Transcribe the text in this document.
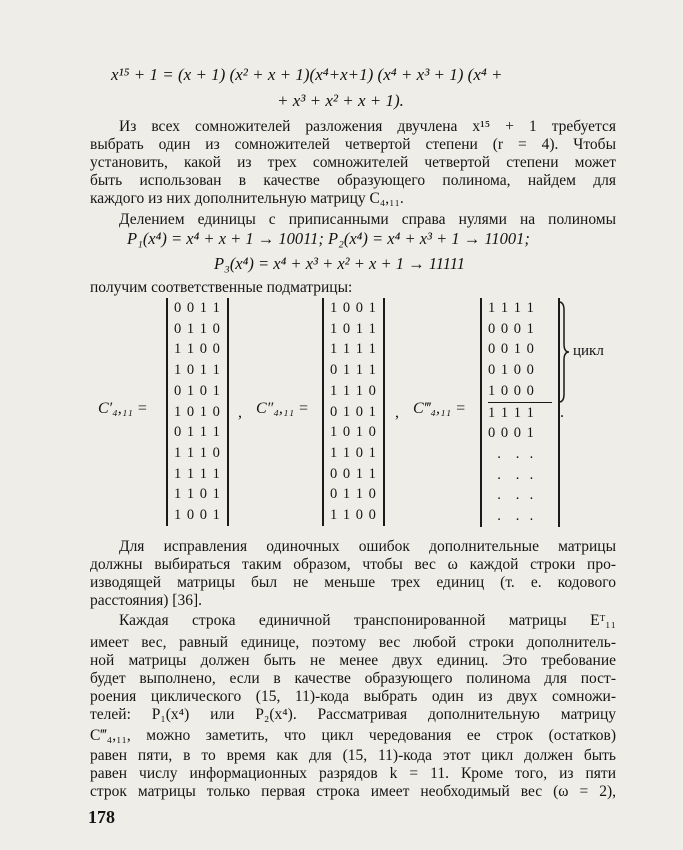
x¹⁵ + 1 = (x + 1) (x² + x + 1)(x⁴+x+1) (x⁴ + x³ + 1) (x⁴ +
+ x³ + x² + x + 1).
Из всех сомножителей разложения двучлена x¹⁵ + 1 требуется
выбрать один из сомножителей четвертой степени (r = 4). Чтобы
установить, какой из трех сомножителей четвертой степени может
быть использован в качестве образующего полинома, найдем для
каждого из них дополнительную матрицу C₄,₁₁.
Делением единицы с приписанными справа нулями на полиномы
P₁(x⁴) = x⁴ + x + 1 → 10011; P₂(x⁴) = x⁴ + x³ + 1 → 11001;
P₃(x⁴) = x⁴ + x³ + x² + x + 1 → 11111
получим соответственные подматрицы:
C′₄,₁₁ =
0 0 1 1
0 1 1 0
1 1 0 0
1 0 1 1
0 1 0 1
1 0 1 0
0 1 1 1
1 1 1 0
1 1 1 1
1 1 0 1
1 0 0 1
, C″₄,₁₁ =
1 0 0 1
1 0 1 1
1 1 1 1
0 1 1 1
1 1 1 0
0 1 0 1
1 0 1 0
1 1 0 1
0 0 1 1
0 1 1 0
1 1 0 0
, C‴₄,₁₁ =
1 1 1 1
0 0 0 1
0 0 1 0
0 1 0 0
1 0 0 0
1 1 1 1
0 0 0 1
.   .  .
.   .  .
.   .  .
.   .  .
.
цикл
Для исправления одиночных ошибок дополнительные матрицы
должны выбираться таким образом, чтобы вес ω каждой строки про-
изводящей матрицы был не меньше трех единиц (т. е. кодового
расстояния) [36].
Каждая строка единичной транспонированной матрицы Eᵀ₁₁
имеет вес, равный единице, поэтому вес любой строки дополнитель-
ной матрицы должен быть не менее двух единиц. Это требование
будет выполнено, если в качестве образующего полинома для пост-
роения циклического (15, 11)-кода выбрать один из двух сомножи-
телей: P₁(x⁴) или P₂(x⁴). Рассматривая дополнительную матрицу
C‴₄,₁₁, можно заметить, что цикл чередования ее строк (остатков)
равен пяти, в то время как для (15, 11)-кода этот цикл должен быть
равен числу информационных разрядов k = 11. Кроме того, из пяти
строк матрицы только первая строка имеет необходимый вес (ω = 2),
178
